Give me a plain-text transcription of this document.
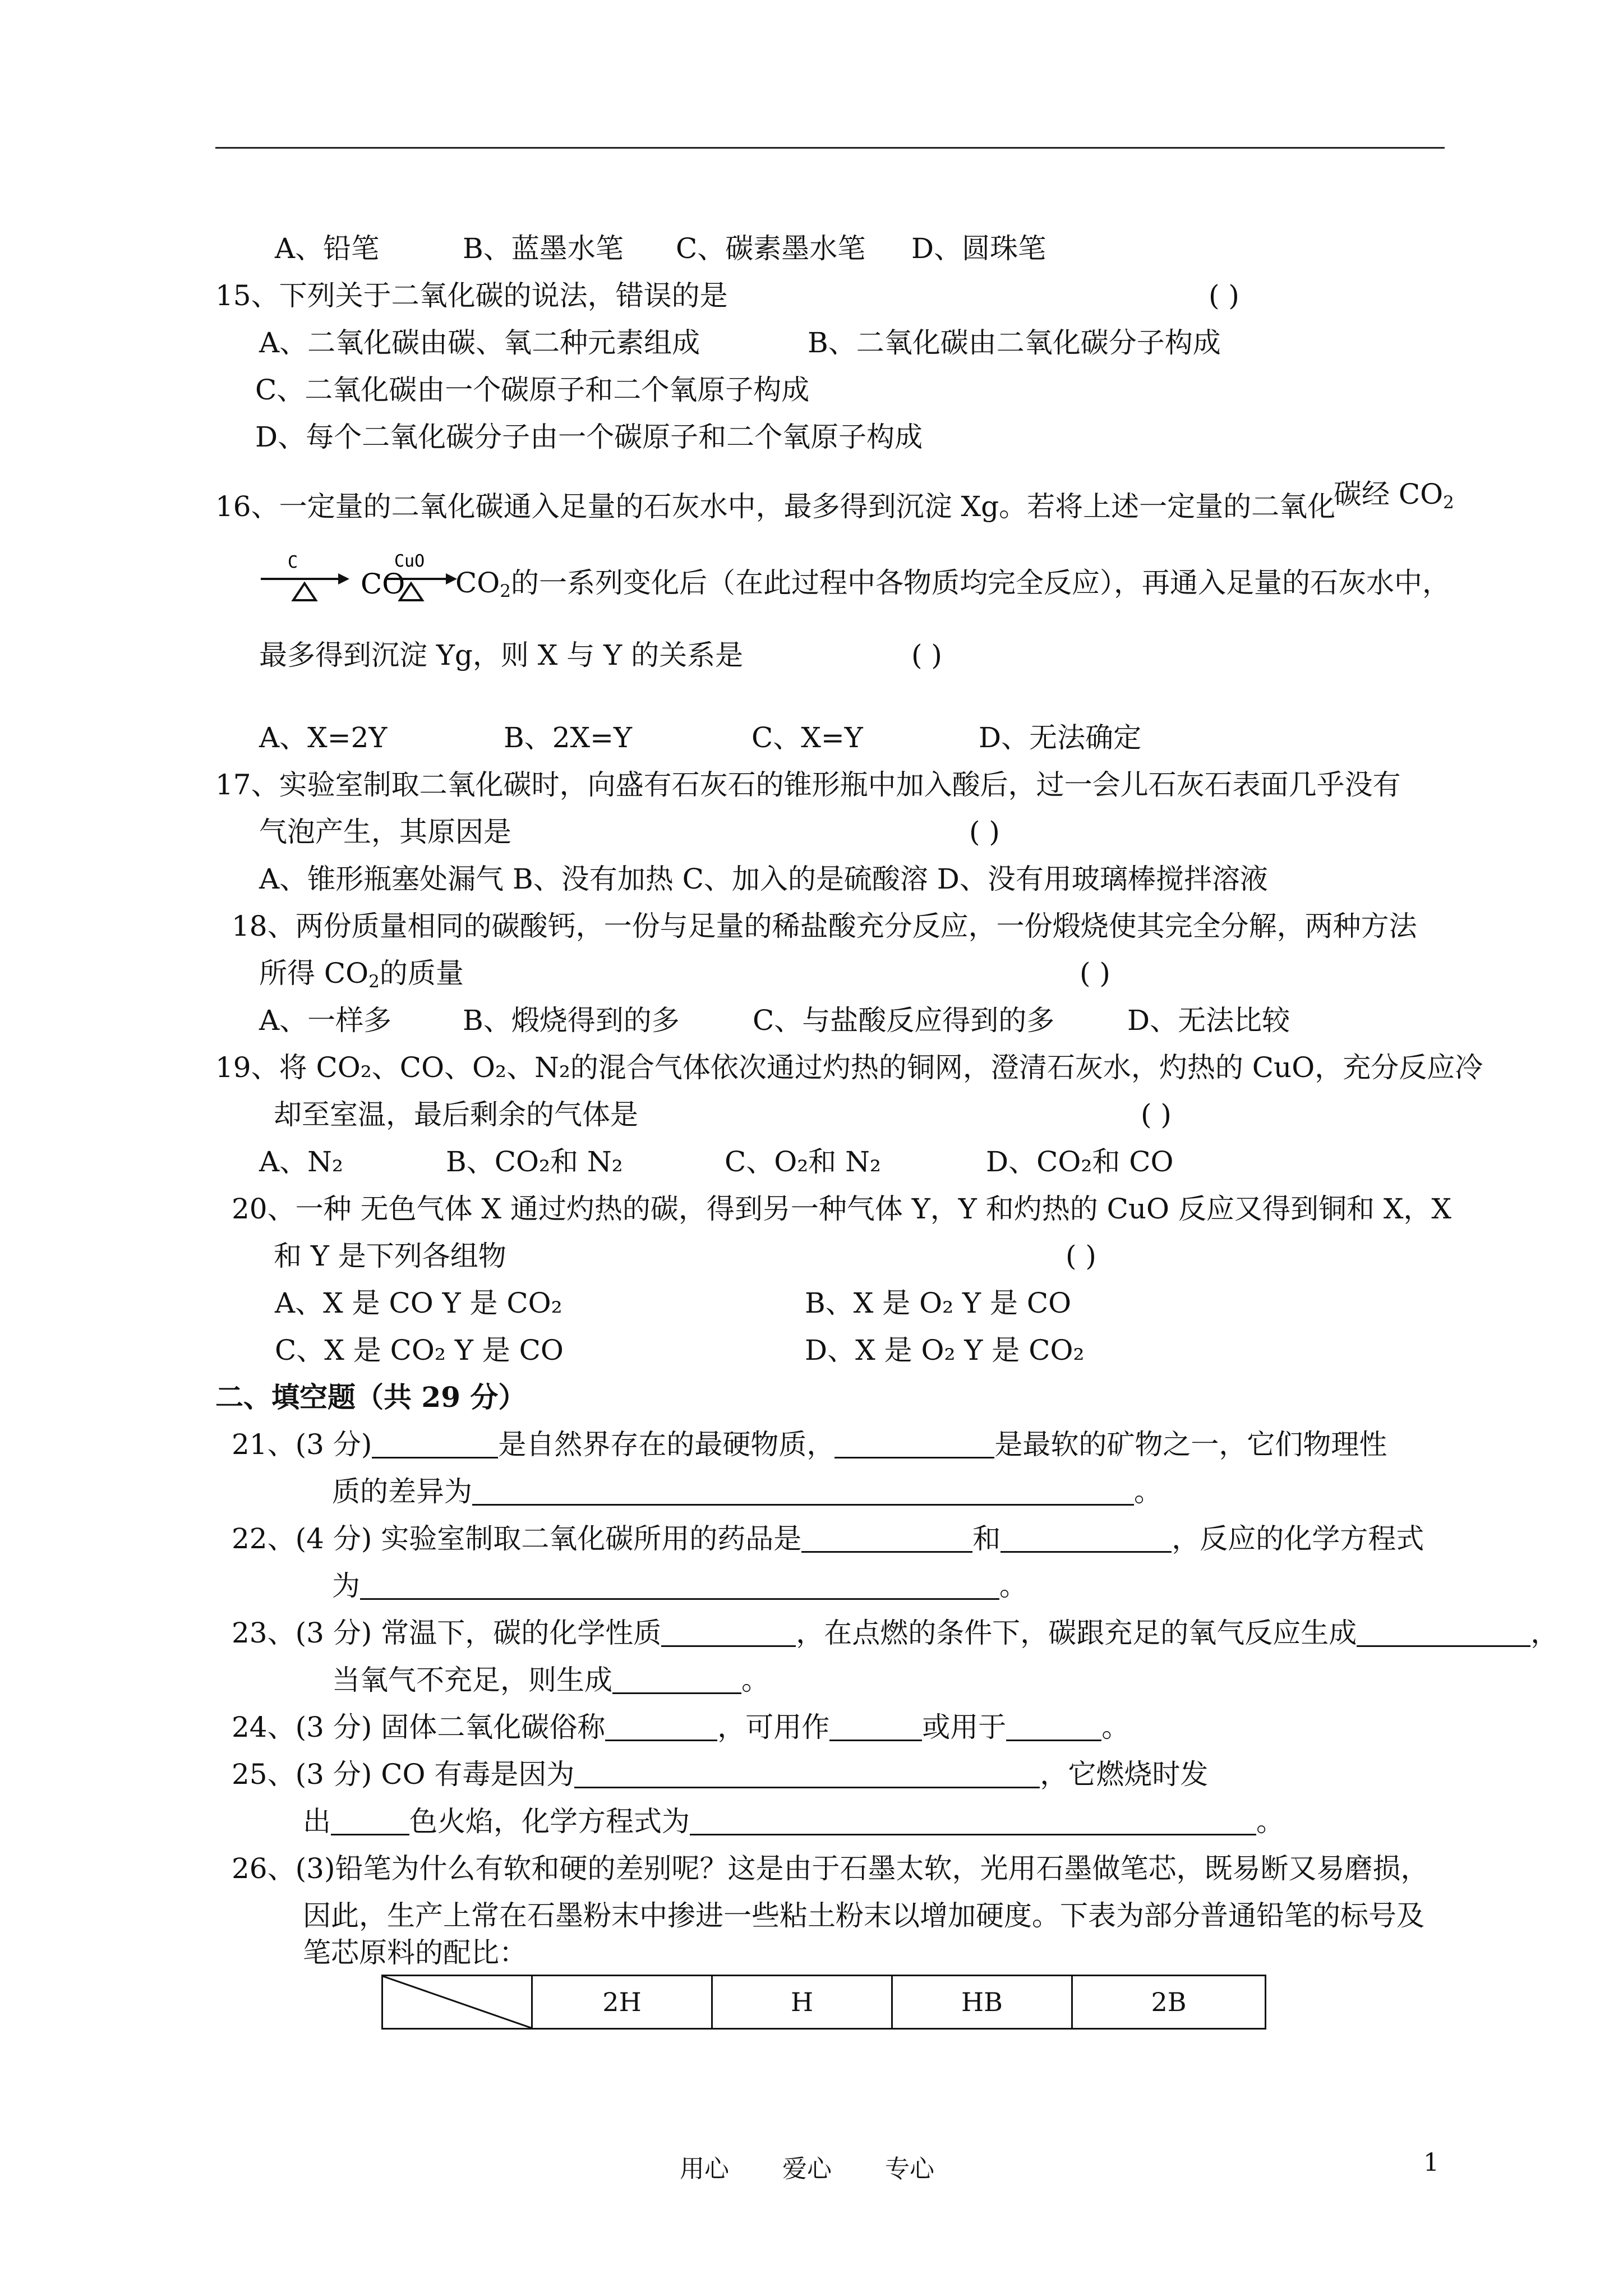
A、铅笔	B、蓝墨水笔 C、碳素墨水笔 D、圆珠笔
15、下列关于二氧化碳的说法，错误的是	( )
A、二氧化碳由碳、氧二种元素组成	B、二氧化碳由二氧化碳分子构成
C、二氧化碳由一个碳原子和二个氧原子构成
D、每个二氧化碳分子由一个碳原子和二个氧原子构成
16、一定量的二氧化碳通入足量的石灰水中，最多得到沉淀 Xg。若将上述一定量的二氧化
碳经 $CO_2$
C
CO
CuO
$CO_2$的一系列变化后（在此过程中各物质均完全反应），再通入足量的石灰水中，
最多得到沉淀 Yg，则 X 与 Y 的关系是	( )
A、X=2Y	B、2X=Y	C、X=Y	D、无法确定
17、实验室制取二氧化碳时，向盛有石灰石的锥形瓶中加入酸后，过一会儿石灰石表面几乎没有
气泡产生，其原因是	( )
A、锥形瓶塞处漏气 B、没有加热 C、加入的是硫酸溶 D、没有用玻璃棒搅拌溶液
18、两份质量相同的碳酸钙，一份与足量的稀盐酸充分反应，一份煅烧使其完全分解，两种方法
所得 $CO_2$的质量	( )
A、一样多	B、煅烧得到的多	C、与盐酸反应得到的多	D、无法比较
19、将 CO₂、CO、O₂、N₂的混合气体依次通过灼热的铜网，澄清石灰水，灼热的 CuO，充分反应冷
却至室温，最后剩余的气体是	( )
A、N₂	B、CO₂和 N₂	C、O₂和 N₂	D、CO₂和 CO
20、一种 无色气体 X 通过灼热的碳，得到另一种气体 Y，Y 和灼热的 CuO 反应又得到铜和 X，X
和 Y 是下列各组物	( )
A、X 是 CO Y 是 CO₂	B、X 是 O₂ Y 是 CO
C、X 是 CO₂ Y 是 CO	D、X 是 O₂ Y 是 CO₂
二、填空题（共 29 分）
21、(3 分)	是自然界存在的最硬物质，	是最软的矿物之一，它们物理性
质的差异为	。
22、(4 分) 实验室制取二氧化碳所用的药品是	和	，反应的化学方程式
为	。
23、(3 分) 常温下，碳的化学性质	，在点燃的条件下，碳跟充足的氧气反应生成	，
当氧气不充足，则生成	。
24、(3 分) 固体二氧化碳俗称	，可用作	或用于	。
25、(3 分) CO 有毒是因为	，它燃烧时发
出	色火焰，化学方程式为	。
26、(3)铅笔为什么有软和硬的差别呢？这是由于石墨太软，光用石墨做笔芯，既易断又易磨损，
因此，生产上常在石墨粉末中掺进一些粘土粉末以增加硬度。下表为部分普通铅笔的标号及
笔芯原料的配比：
	2H	H	HB	2B
用心 爱心 专心	1
